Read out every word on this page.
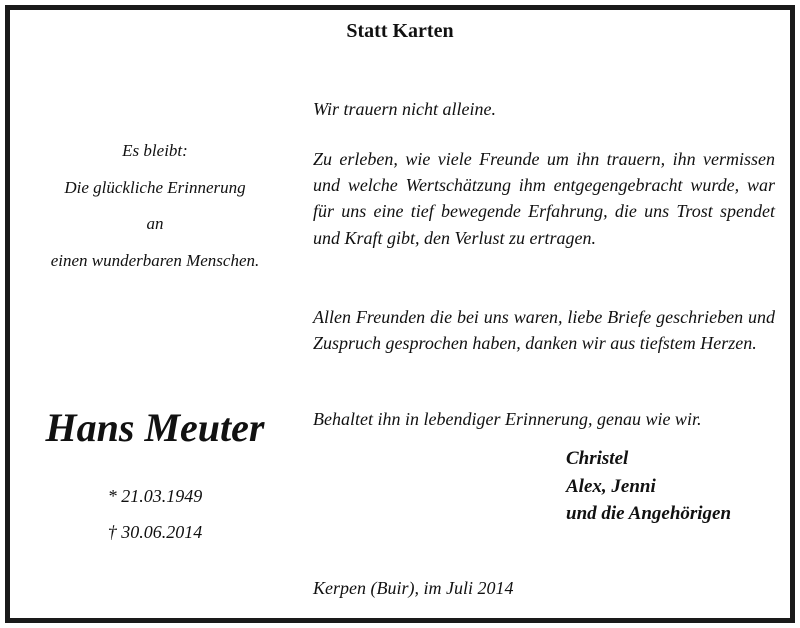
Statt Karten
Es bleibt:
Die glückliche Erinnerung
an
einen wunderbaren Menschen.
Hans Meuter
* 21.03.1949
† 30.06.2014

Wir trauern nicht alleine.

Zu erleben, wie viele Freunde um ihn trauern, ihn vermissen und welche Wertschätzung ihm entgegengebracht wurde, war für uns eine tief bewegende Erfahrung, die uns Trost spendet und Kraft gibt, den Verlust zu ertragen.

Allen Freunden die bei uns waren, liebe Briefe geschrieben und Zuspruch gesprochen haben, danken wir aus tiefstem Herzen.

Behaltet ihn in lebendiger Erinnerung, genau wie wir.

Christel
Alex, Jenni
und die Angehörigen
Kerpen (Buir), im Juli 2014
